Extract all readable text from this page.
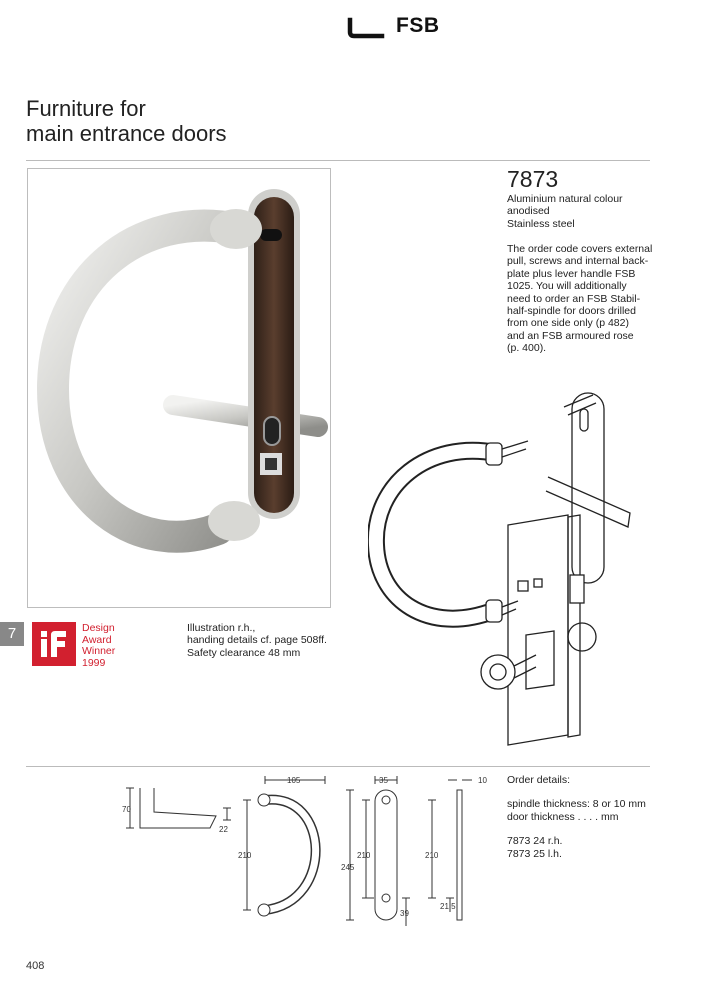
FSB
Furniture for
main entrance doors
7873
Aluminium natural colour
anodised
Stainless steel
The order code covers external
pull, screws and internal back-
plate plus lever handle FSB
1025. You will additionally
need to order an FSB Stabil-
half-spindle for doors drilled
from one side only (p 482)
and an FSB armoured rose
(p. 400).
7	Design
Award
Winner
1999
Illustration r.h.,
handing details cf. page 508ff.
Safety clearance 48 mm
70
22
105
210
35
245
210
39
10
210
21,5
Order details:
spindle thickness: 8 or 10 mm
door thickness . . . . mm
7873 24 r.h.
7873 25 l.h.
408
